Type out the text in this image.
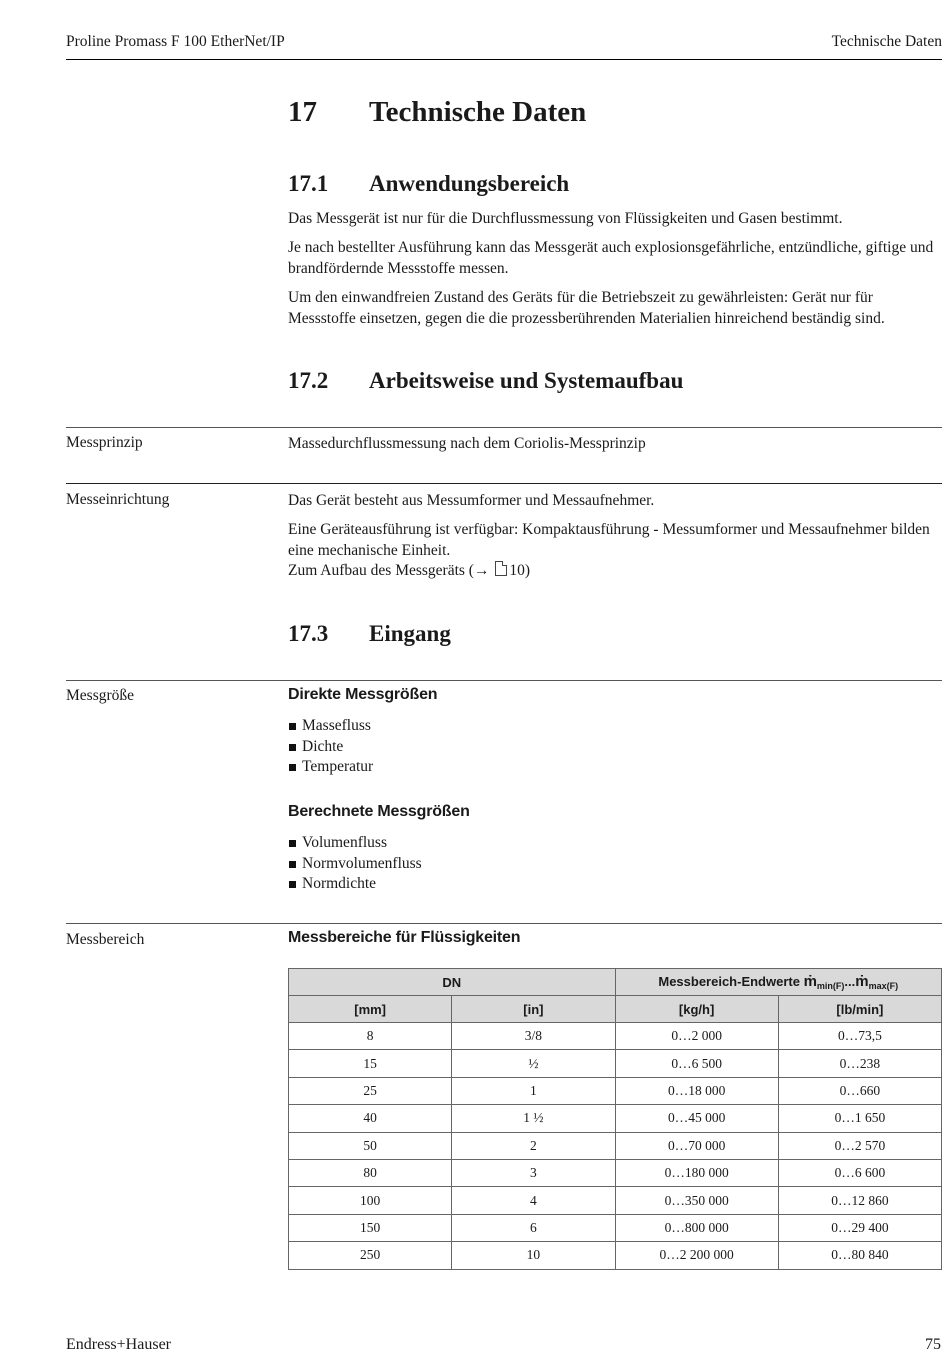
Proline Promass F 100 EtherNet/IP	Technische Daten
17 Technische Daten
17.1 Anwendungsbereich
Das Messgerät ist nur für die Durchflussmessung von Flüssigkeiten und Gasen bestimmt.
Je nach bestellter Ausführung kann das Messgerät auch explosionsgefährliche, entzündliche, giftige und brandfördernde Messstoffe messen.
Um den einwandfreien Zustand des Geräts für die Betriebszeit zu gewährleisten: Gerät nur für Messstoffe einsetzen, gegen die die prozessberührenden Materialien hinreichend beständig sind.
17.2 Arbeitsweise und Systemaufbau
Messprinzip	Massedurchflussmessung nach dem Coriolis-Messprinzip
Messeinrichtung	Das Gerät besteht aus Messumformer und Messaufnehmer.
Eine Geräteausführung ist verfügbar: Kompaktausführung - Messumformer und Messaufnehmer bilden eine mechanische Einheit.
Zum Aufbau des Messgeräts (→ 10)
17.3 Eingang
Messgröße	Direkte Messgrößen
Massefluss
Dichte
Temperatur
Berechnete Messgrößen
Volumenfluss
Normvolumenfluss
Normdichte
Messbereich	Messbereiche für Flüssigkeiten
DN		Messbereich-Endwerte ṁ$_{min(F)}$...ṁ$_{max(F)}$
[mm]	[in]	[kg/h]	[lb/min]
8	3/8	0…2 000	0…73,5
15	½	0…6 500	0…238
25	1	0…18 000	0…660
40	1 ½	0…45 000	0…1 650
50	2	0…70 000	0…2 570
80	3	0…180 000	0…6 600
100	4	0…350 000	0…12 860
150	6	0…800 000	0…29 400
250	10	0…2 200 000	0…80 840
Endress+Hauser	75
